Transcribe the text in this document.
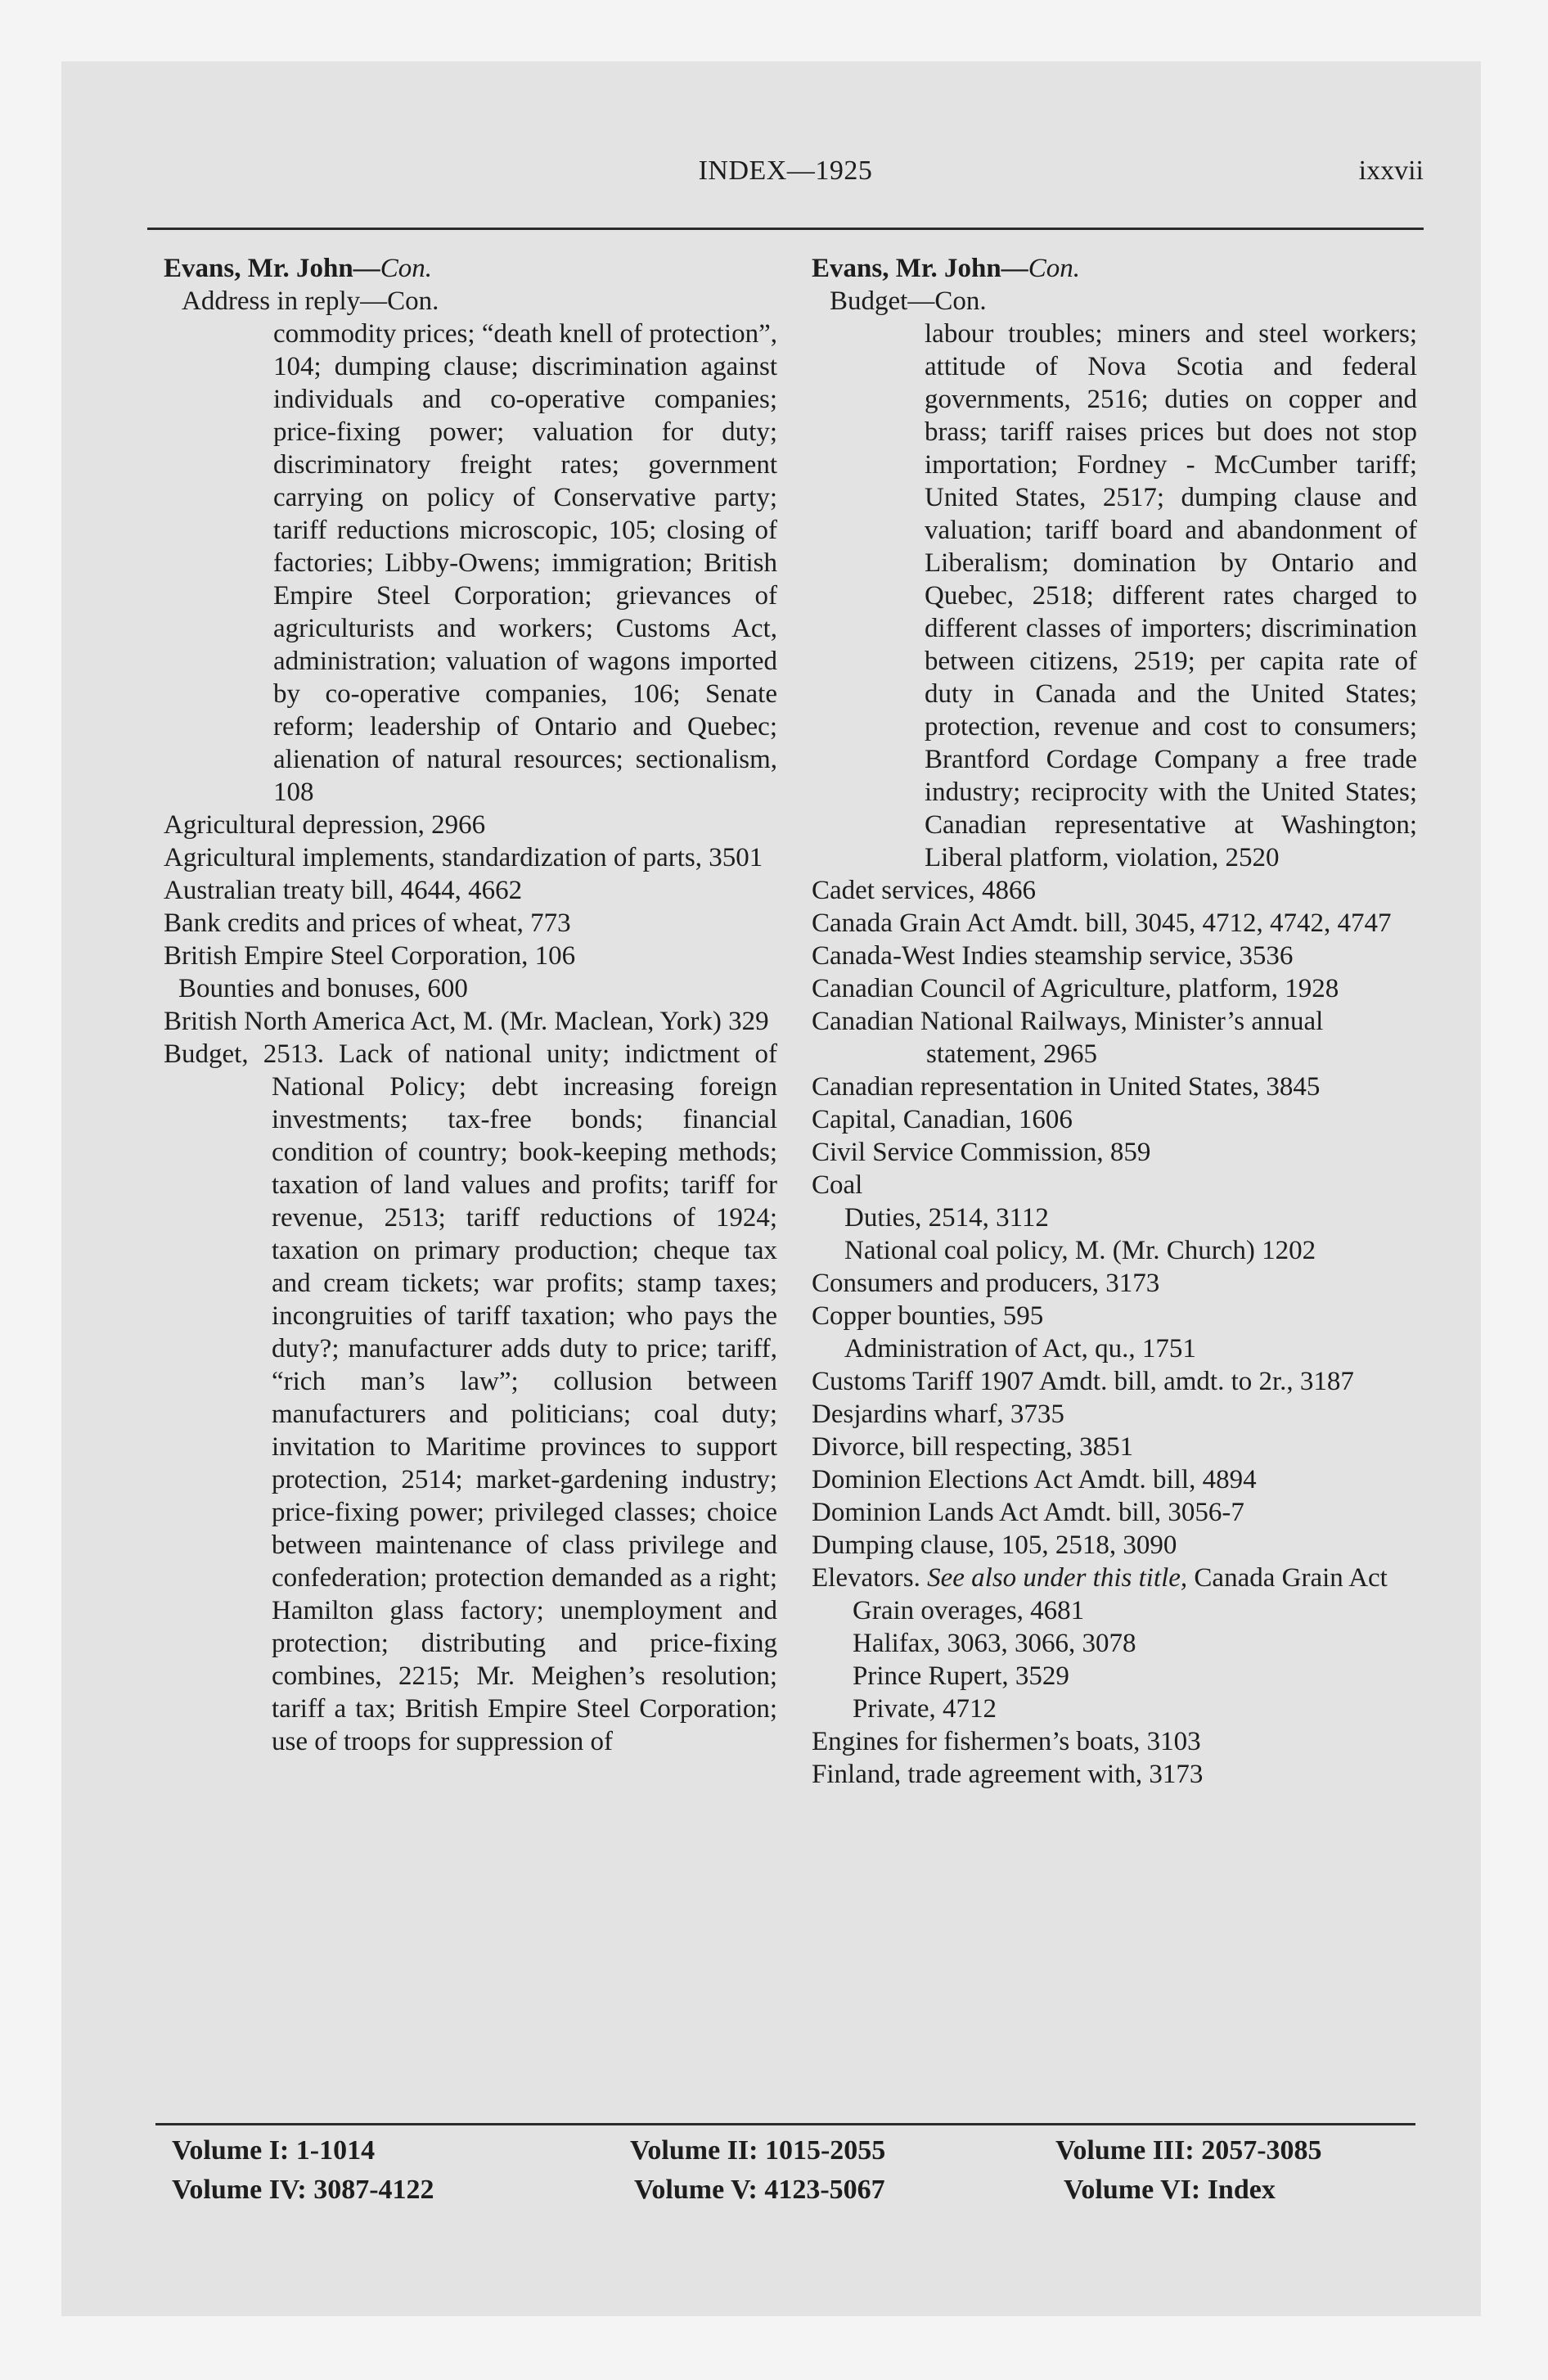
INDEX—1925	ixxvii

Evans, Mr. John—Con.

Address in reply—Con.

commodity prices; “death knell of protection”, 104; dumping clause; discrimination against individuals and co-operative companies; price-fixing power; valuation for duty; discriminatory freight rates; government carrying on policy of Conservative party; tariff reductions microscopic, 105; closing of factories; Libby-Owens; immigration; British Empire Steel Corporation; grievances of agriculturists and workers; Customs Act, administration; valuation of wagons imported by co-operative companies, 106; Senate reform; leadership of Ontario and Quebec; alienation of natural resources; sectionalism, 108

Agricultural depression, 2966

Agricultural implements, standardization of parts, 3501

Australian treaty bill, 4644, 4662

Bank credits and prices of wheat, 773

British Empire Steel Corporation, 106

Bounties and bonuses, 600

British North America Act, M. (Mr. Maclean, York) 329

Budget, 2513. Lack of national unity; indictment of National Policy; debt increasing foreign investments; tax-free bonds; financial condition of country; book-keeping methods; taxation of land values and profits; tariff for revenue, 2513; tariff reductions of 1924; taxation on primary production; cheque tax and cream tickets; war profits; stamp taxes; incongruities of tariff taxation; who pays the duty?; manufacturer adds duty to price; tariff, “rich man’s law”; collusion between manufacturers and politicians; coal duty; invitation to Maritime provinces to support protection, 2514; market-gardening industry; price-fixing power; privileged classes; choice between maintenance of class privilege and confederation; protection demanded as a right; Hamilton glass factory; unemployment and protection; distributing and price-fixing combines, 2215; Mr. Meighen’s resolution; tariff a tax; British Empire Steel Corporation; use of troops for suppression of

Evans, Mr. John—Con.

Budget—Con.

labour troubles; miners and steel workers; attitude of Nova Scotia and federal governments, 2516; duties on copper and brass; tariff raises prices but does not stop importation; Fordney - McCumber tariff; United States, 2517; dumping clause and valuation; tariff board and abandonment of Liberalism; domination by Ontario and Quebec, 2518; different rates charged to different classes of importers; discrimination between citizens, 2519; per capita rate of duty in Canada and the United States; protection, revenue and cost to consumers; Brantford Cordage Company a free trade industry; reciprocity with the United States; Canadian representative at Washington; Liberal platform, violation, 2520

Cadet services, 4866

Canada Grain Act Amdt. bill, 3045, 4712, 4742, 4747

Canada-West Indies steamship service, 3536

Canadian Council of Agriculture, platform, 1928

Canadian National Railways, Minister’s annual statement, 2965

Canadian representation in United States, 3845

Capital, Canadian, 1606

Civil Service Commission, 859

Coal

Duties, 2514, 3112

National coal policy, M. (Mr. Church) 1202

Consumers and producers, 3173

Copper bounties, 595

Administration of Act, qu., 1751

Customs Tariff 1907 Amdt. bill, amdt. to 2r., 3187

Desjardins wharf, 3735

Divorce, bill respecting, 3851

Dominion Elections Act Amdt. bill, 4894

Dominion Lands Act Amdt. bill, 3056-7

Dumping clause, 105, 2518, 3090

Elevators. See also under this title, Canada Grain Act

Grain overages, 4681

Halifax, 3063, 3066, 3078

Prince Rupert, 3529

Private, 4712

Engines for fishermen’s boats, 3103

Finland, trade agreement with, 3173

Volume I: 1-1014	Volume II: 1015-2055	Volume III: 2057-3085
Volume IV: 3087-4122	Volume V: 4123-5067	Volume VI: Index
